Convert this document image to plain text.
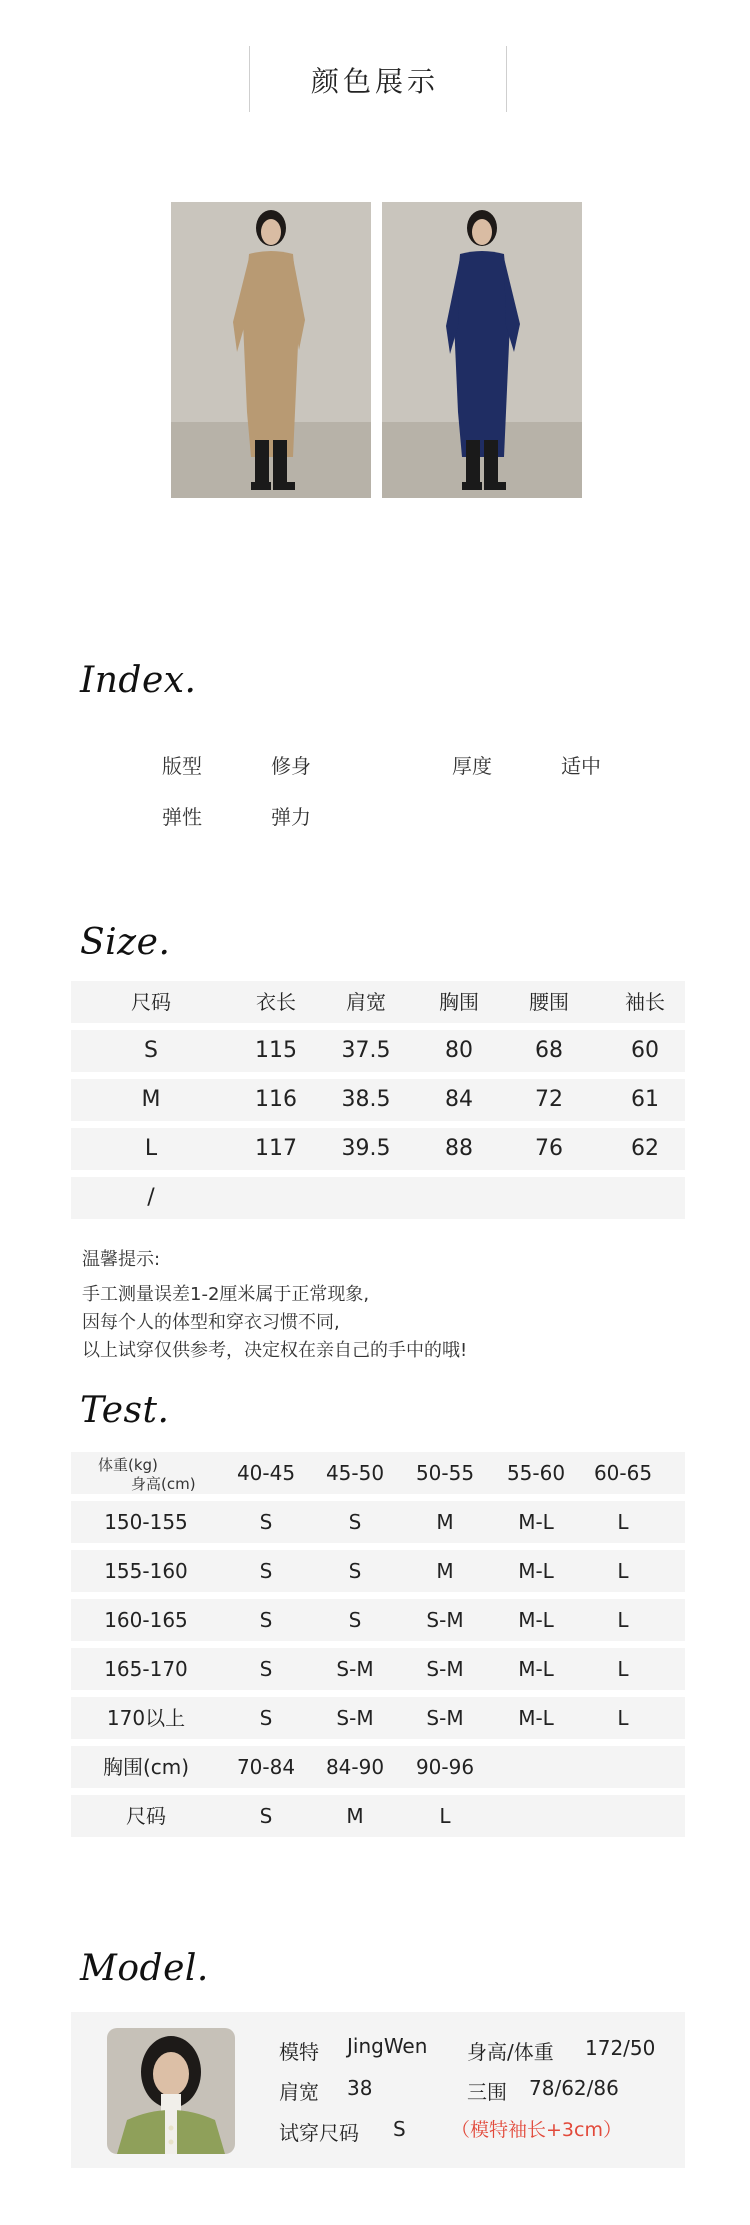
颜色展示
Index.
版型	修身	厚度	适中
弹性	弹力
Size.
尺码	衣长	肩宽	胸围	腰围	袖长
S	115	37.5	80	68	60
M	116	38.5	84	72	61
L	117	39.5	88	76	62
/
温馨提示:
手工测量误差1-2厘米属于正常现象,
因每个人的体型和穿衣习惯不同,
以上试穿仅供参考，决定权在亲自己的手中的哦!
Test.
体重(kg)
身高(cm)	40-45	45-50	50-55	55-60	60-65
150-155	S	S	M	M-L	L
155-160	S	S	M	M-L	L
160-165	S	S	S-M	M-L	L
165-170	S	S-M	S-M	M-L	L
170以上	S	S-M	S-M	M-L	L
胸围(cm)	70-84	84-90	90-96
尺码	S	M	L
Model.
模特 JingWen 身高/体重 172/50
肩宽 38	三围 78/62/86
试穿尺码 S （模特袖长+3cm）
